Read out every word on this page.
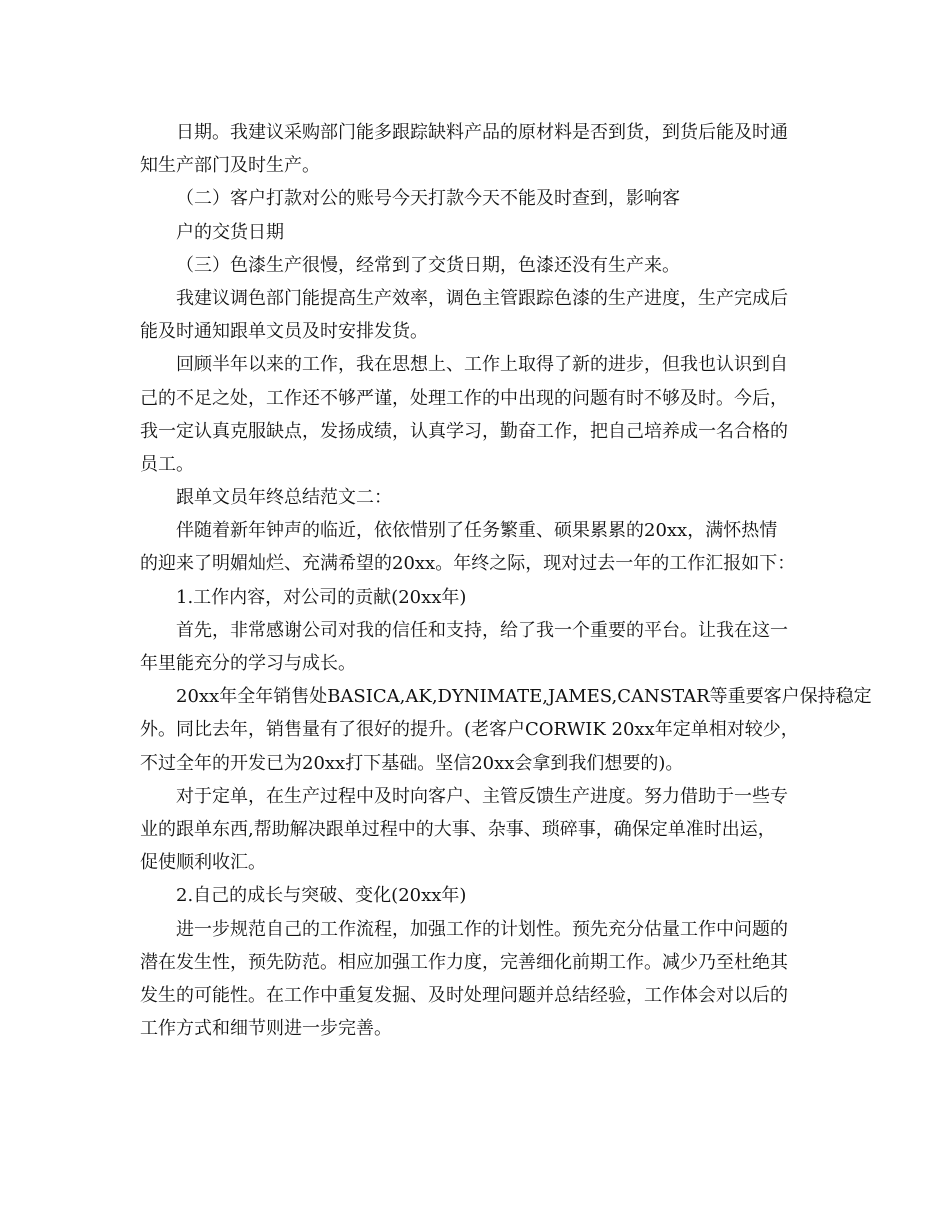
日期。我建议采购部门能多跟踪缺料产品的原材料是否到货，到货后能及时通
知生产部门及时生产。
（二）客户打款对公的账号今天打款今天不能及时查到，影响客
户的交货日期
（三）色漆生产很慢，经常到了交货日期，色漆还没有生产来。
我建议调色部门能提高生产效率，调色主管跟踪色漆的生产进度，生产完成后
能及时通知跟单文员及时安排发货。
回顾半年以来的工作，我在思想上、工作上取得了新的进步，但我也认识到自
己的不足之处，工作还不够严谨，处理工作的中出现的问题有时不够及时。今后，
我一定认真克服缺点，发扬成绩，认真学习，勤奋工作，把自己培养成一名合格的
员工。
跟单文员年终总结范文二：
伴随着新年钟声的临近，依依惜别了任务繁重、硕果累累的20xx，满怀热情
的迎来了明媚灿烂、充满希望的20xx。年终之际，现对过去一年的工作汇报如下：
1.工作内容，对公司的贡献(20xx年)
首先，非常感谢公司对我的信任和支持，给了我一个重要的平台。让我在这一
年里能充分的学习与成长。
20xx年全年销售处BASICA,AK,DYNIMATE,JAMES,CANSTAR等重要客户保持稳定
外。同比去年，销售量有了很好的提升。(老客户CORWIK 20xx年定单相对较少，
不过全年的开发已为20xx打下基础。坚信20xx会拿到我们想要的)。
对于定单，在生产过程中及时向客户、主管反馈生产进度。努力借助于一些专
业的跟单东西,帮助解决跟单过程中的大事、杂事、琐碎事，确保定单准时出运，
促使顺利收汇。
2.自己的成长与突破、变化(20xx年)
进一步规范自己的工作流程，加强工作的计划性。预先充分估量工作中问题的
潜在发生性，预先防范。相应加强工作力度，完善细化前期工作。减少乃至杜绝其
发生的可能性。在工作中重复发掘、及时处理问题并总结经验，工作体会对以后的
工作方式和细节则进一步完善。
